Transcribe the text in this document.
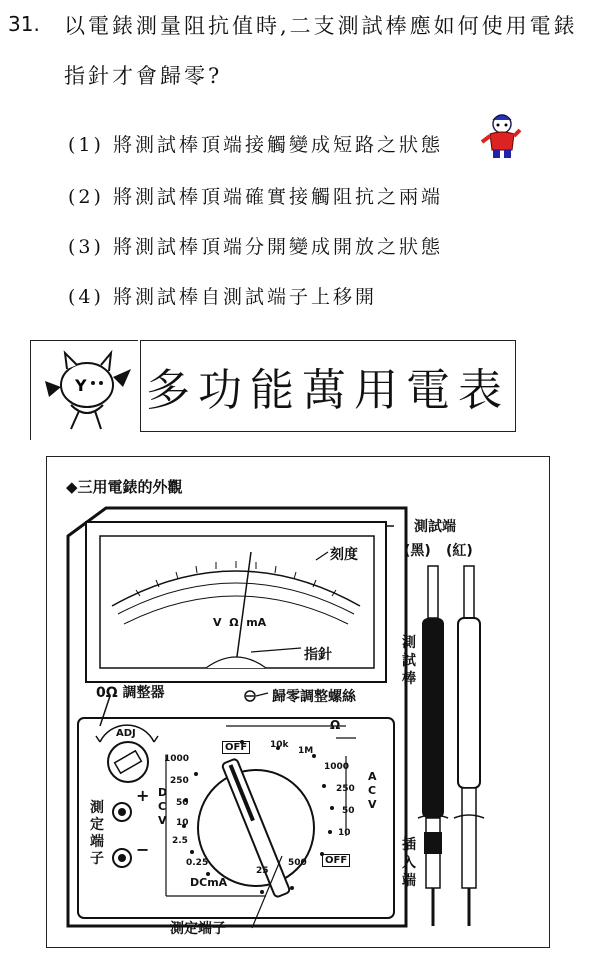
31. 以電錶測量阻抗值時,二支測試棒應如何使用電錶
指針才會歸零?
(1) 將測試棒頂端接觸變成短路之狀態
(2) 將測試棒頂端確實接觸阻抗之兩端
(3) 將測試棒頂端分開變成開放之狀態
(4) 將測試棒自測試端子上移開
Y 多功能萬用電表
◆三用電錶的外觀
刻度
指針
0Ω 調整器	歸零調整螺絲
V Ω mA
ADJ
OFF
OFF
Ω
DCV
ACV
DCmA
+
−
1000
250
50
10
2.5
0.25
25
500
10k
1M
1000
250
50
10
測定端子
測定端子
測試端
(黑) (紅)
測試棒
插入端
